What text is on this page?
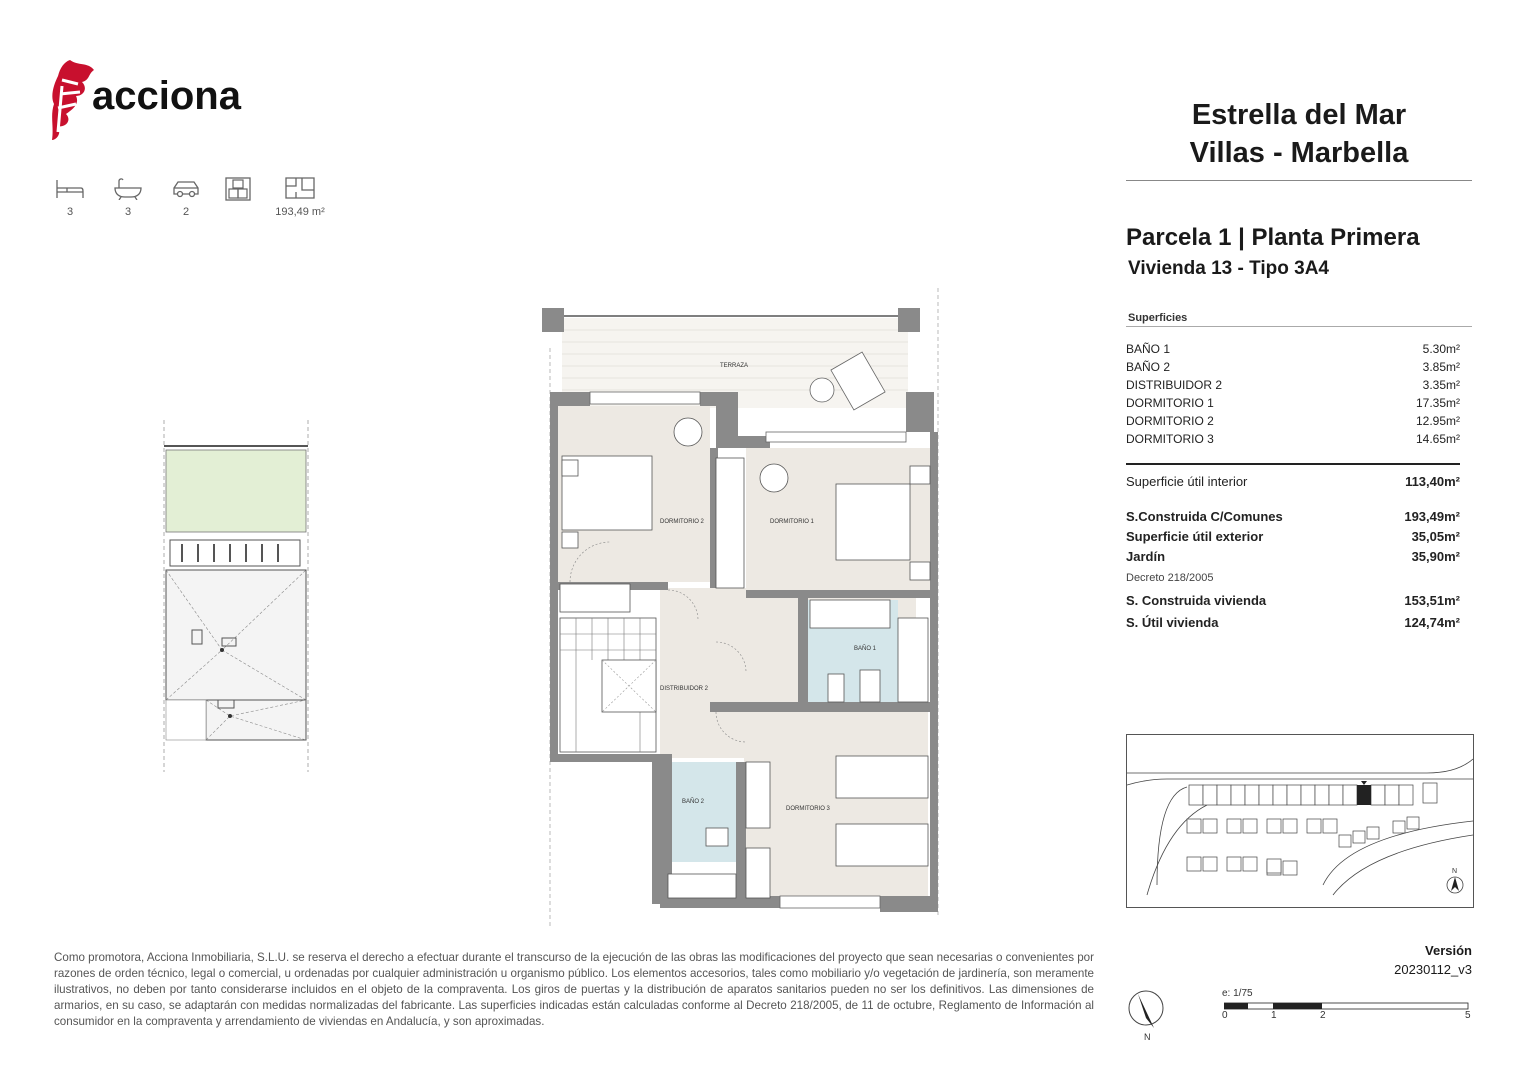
acciona
3	3	2	193,49 m²
TERRAZA
DORMITORIO 2	DORMITORIO 1
DISTRIBUIDOR 2
BAÑO 1
BAÑO 2
DORMITORIO 3
Estrella del Mar
Villas - Marbella
Parcela 1 | Planta Primera
Vivienda 13 - Tipo 3A4
Superficies
BAÑO 1	5.30m²
BAÑO 2	3.85m²
DISTRIBUIDOR 2	3.35m²
DORMITORIO 1	17.35m²
DORMITORIO 2	12.95m²
DORMITORIO 3	14.65m²
Superficie útil interior	113,40m²
S.Construida C/Comunes	193,49m²
Superficie útil exterior	35,05m²
Jardín	35,90m²
Decreto 218/2005
S. Construida vivienda	153,51m²
S. Útil vivienda	124,74m²
N
Versión
20230112_v3
Como promotora, Acciona Inmobiliaria, S.L.U. se reserva el derecho a efectuar durante el transcurso de la ejecución de las obras las modificaciones del proyecto que sean necesarias o convenientes por razones de orden técnico, legal o comercial, u ordenadas por cualquier administración u organismo público. Los elementos accesorios, tales como mobiliario y/o vegetación de jardinería, son meramente ilustrativos, no deben por tanto considerarse incluidos en el objeto de la compraventa. Los giros de puertas y la distribución de aparatos sanitarios pueden no ser los definitivos. Las dimensiones de armarios, en su caso, se adaptarán con medidas normalizadas del fabricante. Las superficies indicadas están calculadas conforme al Decreto 218/2005, de 11 de octubre, Reglamento de Información al consumidor en la compraventa y arrendamiento de viviendas en Andalucía, y son aproximadas.
N
e: 1/75
0	1	2	5
